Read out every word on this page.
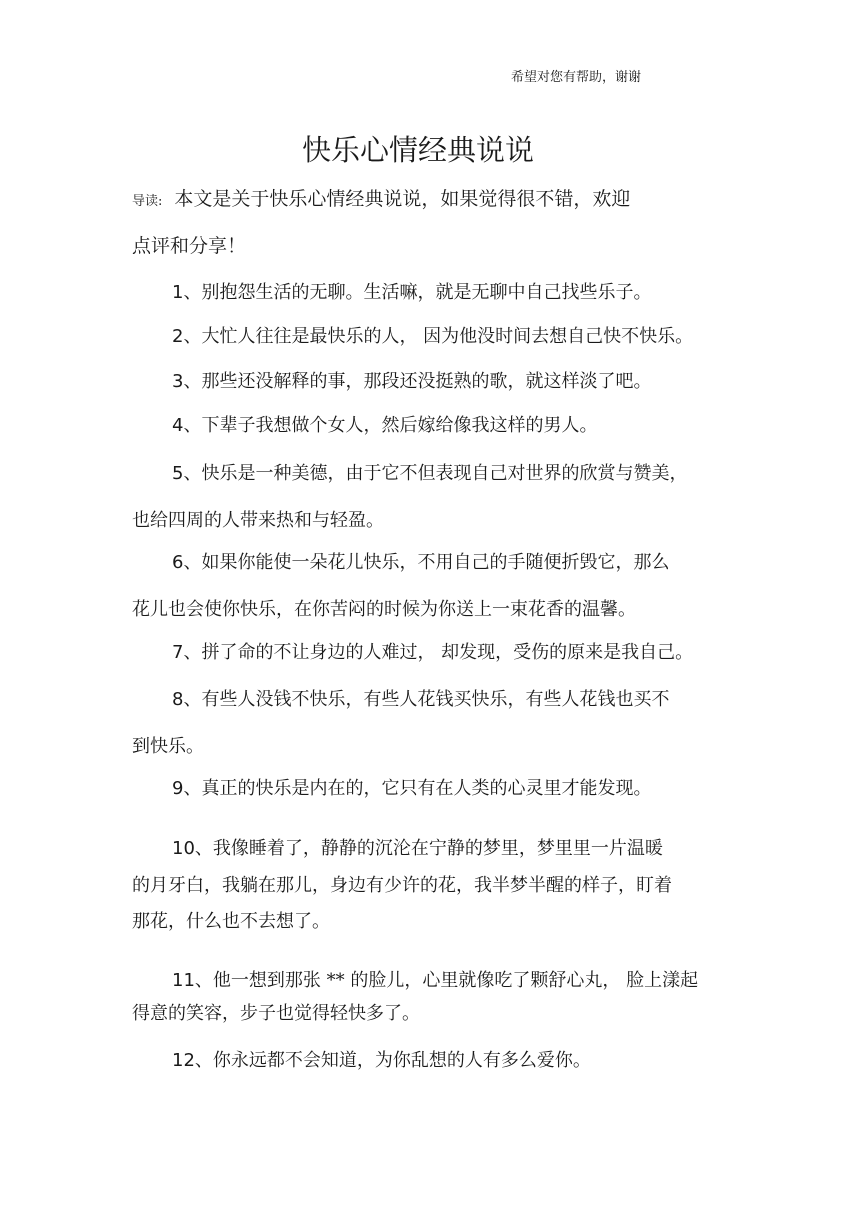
希望对您有帮助，谢谢
快乐心情经典说说
导读: 本文是关于快乐心情经典说说，如果觉得很不错，欢迎
点评和分享！
1、别抱怨生活的无聊。生活嘛，就是无聊中自己找些乐子。
2、大忙人往往是最快乐的人， 因为他没时间去想自己快不快乐。
3、那些还没解释的事，那段还没挺熟的歌，就这样淡了吧。
4、下辈子我想做个女人，然后嫁给像我这样的男人。
5、快乐是一种美德，由于它不但表现自己对世界的欣赏与赞美，
也给四周的人带来热和与轻盈。
6、如果你能使一朵花儿快乐，不用自己的手随便折毁它，那么
花儿也会使你快乐，在你苦闷的时候为你送上一束花香的温馨。
7、拼了命的不让身边的人难过， 却发现，受伤的原来是我自己。
8、有些人没钱不快乐，有些人花钱买快乐，有些人花钱也买不
到快乐。
9、真正的快乐是内在的，它只有在人类的心灵里才能发现。
10、我像睡着了，静静的沉沦在宁静的梦里，梦里里一片温暖
的月牙白，我躺在那儿，身边有少许的花，我半梦半醒的样子，盯着
那花，什么也不去想了。
11、他一想到那张 ** 的脸儿，心里就像吃了颗舒心丸， 脸上漾起
得意的笑容，步子也觉得轻快多了。
12、你永远都不会知道，为你乱想的人有多么爱你。
